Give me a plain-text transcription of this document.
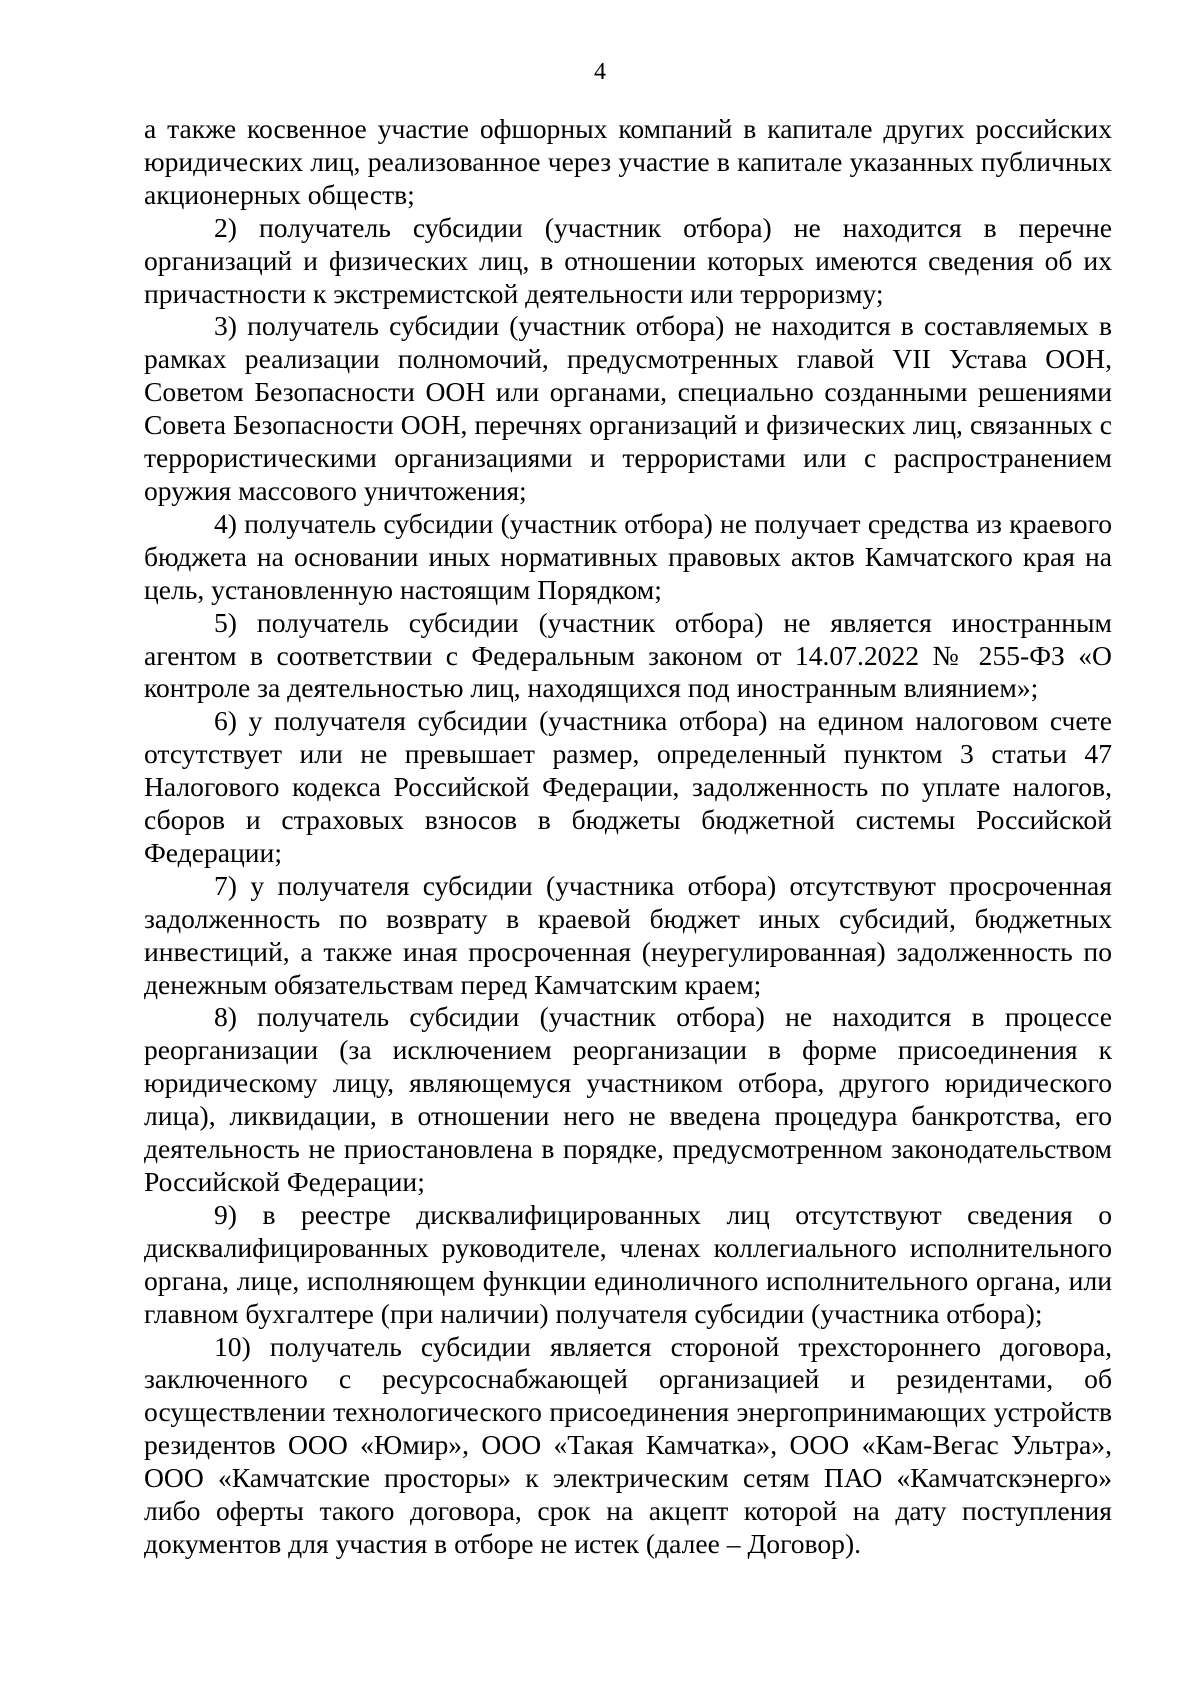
4

а также косвенное участие офшорных компаний в капитале других российских юридических лиц, реализованное через участие в капитале указанных публичных акционерных обществ;

2) получатель субсидии (участник отбора) не находится в перечне организаций и физических лиц, в отношении которых имеются сведения об их причастности к экстремистской деятельности или терроризму;

3) получатель субсидии (участник отбора) не находится в составляемых в рамках реализации полномочий, предусмотренных главой VII Устава ООН, Советом Безопасности ООН или органами, специально созданными решениями Совета Безопасности ООН, перечнях организаций и физических лиц, связанных с террористическими организациями и террористами или с распространением оружия массового уничтожения;

4) получатель субсидии (участник отбора) не получает средства из краевого бюджета на основании иных нормативных правовых актов Камчатского края на цель, установленную настоящим Порядком;

5) получатель субсидии (участник отбора) не является иностранным агентом в соответствии с Федеральным законом от 14.07.2022 № 255-ФЗ «О контроле за деятельностью лиц, находящихся под иностранным влиянием»;

6) у получателя субсидии (участника отбора) на едином налоговом счете отсутствует или не превышает размер, определенный пунктом 3 статьи 47 Налогового кодекса Российской Федерации, задолженность по уплате налогов, сборов и страховых взносов в бюджеты бюджетной системы Российской Федерации;

7) у получателя субсидии (участника отбора) отсутствуют просроченная задолженность по возврату в краевой бюджет иных субсидий, бюджетных инвестиций, а также иная просроченная (неурегулированная) задолженность по денежным обязательствам перед Камчатским краем;

8) получатель субсидии (участник отбора) не находится в процессе реорганизации (за исключением реорганизации в форме присоединения к юридическому лицу, являющемуся участником отбора, другого юридического лица), ликвидации, в отношении него не введена процедура банкротства, его деятельность не приостановлена в порядке, предусмотренном законодательством Российской Федерации;

9) в реестре дисквалифицированных лиц отсутствуют сведения о дисквалифицированных руководителе, членах коллегиального исполнительного органа, лице, исполняющем функции единоличного исполнительного органа, или главном бухгалтере (при наличии) получателя субсидии (участника отбора);

10) получатель субсидии является стороной трехстороннего договора, заключенного с ресурсоснабжающей организацией и резидентами, об осуществлении технологического присоединения энергопринимающих устройств резидентов ООО «Юмир», ООО «Такая Камчатка», ООО «Кам-Вегас Ультра», ООО «Камчатские просторы» к электрическим сетям ПАО «Камчатскэнерго» либо оферты такого договора, срок на акцепт которой на дату поступления документов для участия в отборе не истек (далее – Договор).
